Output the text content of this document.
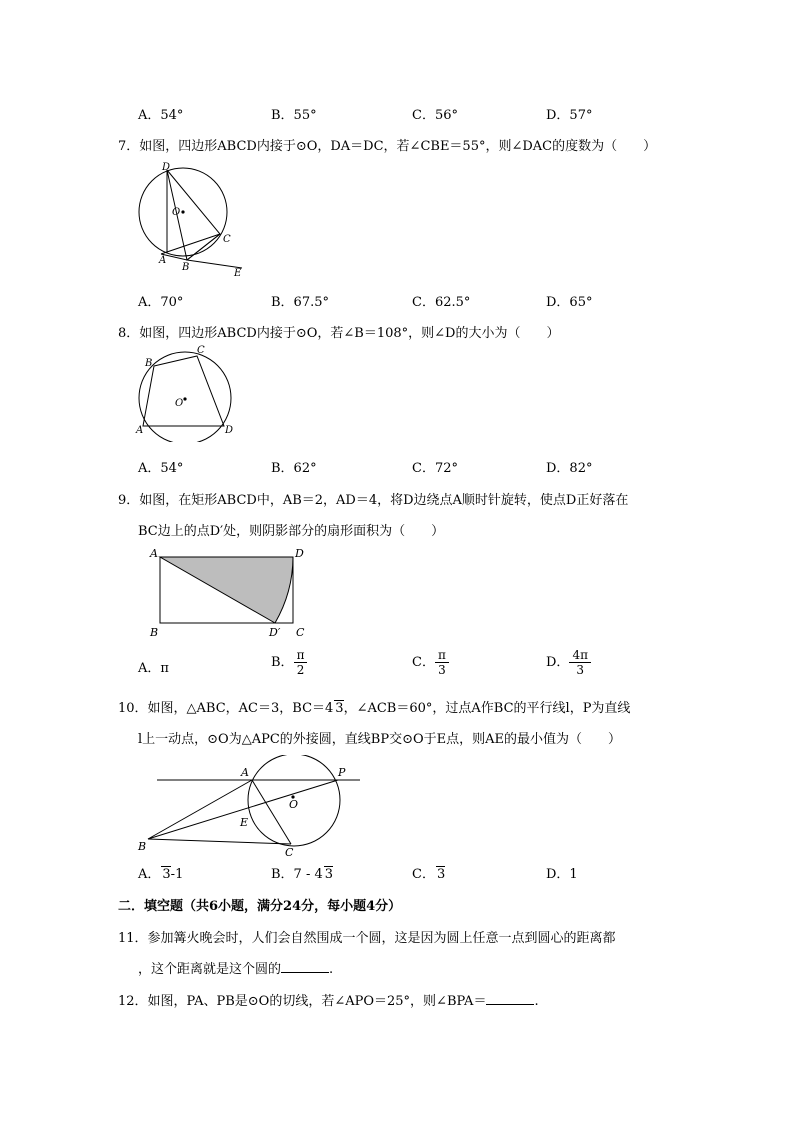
A．54°	B．55°	C．56°	D．57°
7．如图，四边形ABCD内接于⊙O，DA＝DC，若∠CBE＝55°，则∠DAC的度数为（　　）
D
O
C
A
B
E
A．70°	B．67.5°	C．62.5°	D．65°
8．如图，四边形ABCD内接于⊙O，若∠B＝108°，则∠D的大小为（　　）
B
C
O
A	D
A．54°	B．62°	C．72°	D．82°
9．如图，在矩形ABCD中，AB＝2，AD＝4，将D边绕点A顺时针旋转，使点D正好落在
BC边上的点D′处，则阴影部分的扇形面积为（　　）
A	D
B	D′ C
A．π	B． $\frac{\pi}{2}$	C． $\frac{\pi}{3}$	D． $\frac{4\pi}{3}$
10．如图，△ABC，AC＝3，BC＝4 3，∠ACB＝60°，过点A作BC的平行线l，P为直线
l上一动点，⊙O为△APC的外接圆，直线BP交⊙O于E点，则AE的最小值为（　　）
A	P
O
E
B	C
A． 3-1	B．7 - 4 3	C． 3	D．1
二．填空题（共6小题，满分24分，每小题4分）
11．参加篝火晚会时，人们会自然围成一个圆，这是因为圆上任意一点到圆心的距离都
，这个距离就是这个圆的	.
12．如图，PA、PB是⊙O的切线，若∠APO＝25°，则∠BPA＝	.
